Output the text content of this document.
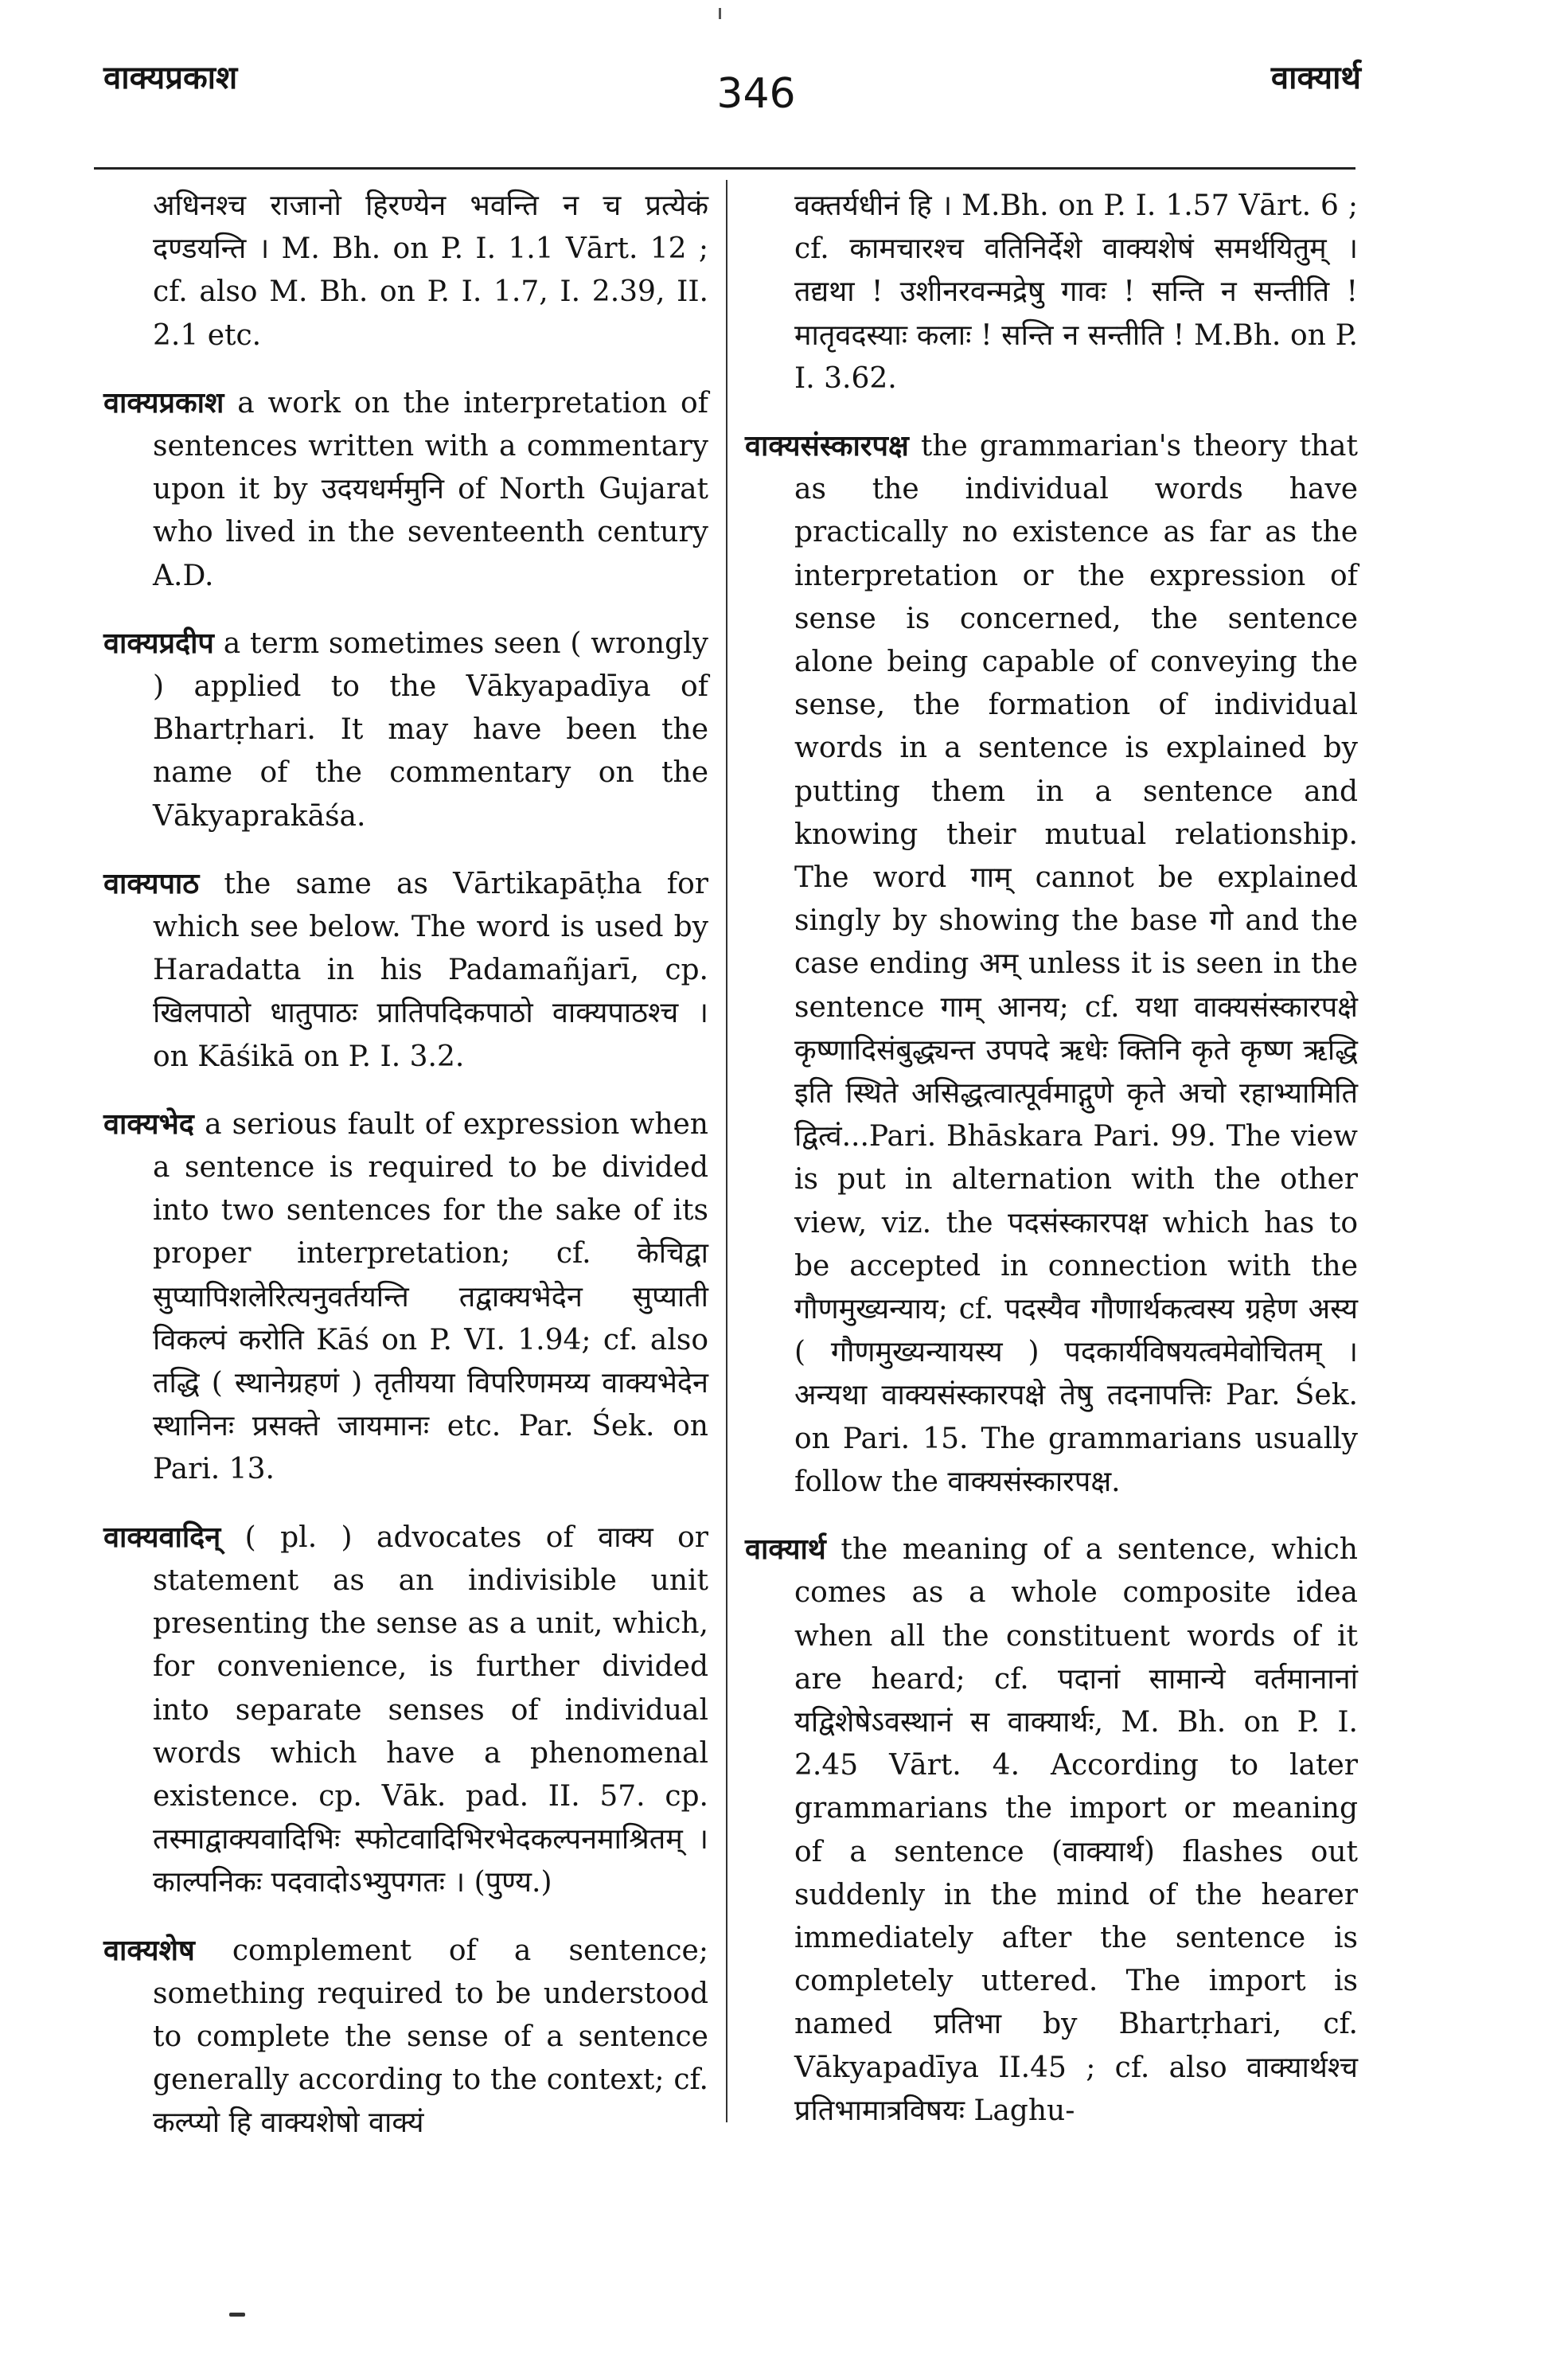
वाक्यप्रकाश	346	वाक्यार्थ

अधिनश्च राजानो हिरण्येन भवन्ति न च प्रत्येकं दण्डयन्ति । M. Bh. on P. I. 1.1 Vārt. 12 ; cf. also M. Bh. on P. I. 1.7, I. 2.39, II. 2.1 etc.

वाक्यप्रकाश a work on the interpretation of sentences written with a commentary upon it by उदयधर्ममुनि of North Gujarat who lived in the seventeenth century A.D.

वाक्यप्रदीप a term sometimes seen ( wrongly ) applied to the Vākyapadīya of Bhartṛhari. It may have been the name of the commentary on the Vākyaprakāśa.

वाक्यपाठ the same as Vārtikapāṭha for which see below. The word is used by Haradatta in his Padamañjarī, cp. खिलपाठो धातुपाठः प्रातिपदिकपाठो वाक्यपाठश्च । on Kāśikā on P. I. 3.2.

वाक्यभेद a serious fault of expression when a sentence is required to be divided into two sentences for the sake of its proper interpretation; cf. केचिद्वा सुप्यापिशलेरित्यनुवर्तयन्ति तद्वाक्यभेदेन सुप्याती विकल्पं करोति Kāś on P. VI. 1.94; cf. also तद्धि ( स्थानेग्रहणं ) तृतीयया विपरिणमय्य वाक्यभेदेन स्थानिनः प्रसक्ते जायमानः etc. Par. Śek. on Pari. 13.

वाक्यवादिन् ( pl. ) advocates of वाक्य or statement as an indivisible unit presenting the sense as a unit, which, for convenience, is further divided into separate senses of individual words which have a phenomenal existence. cp. Vāk. pad. II. 57. cp. तस्माद्वाक्यवादिभिः स्फोटवादिभिरभेदकल्पनमाश्रितम् । काल्पनिकः पदवादोऽभ्युपगतः । (पुण्य.)

वाक्यशेष complement of a sentence; something required to be understood to complete the sense of a sentence generally according to the context; cf. कल्प्यो हि वाक्यशेषो वाक्यं

वक्तर्यधीनं हि । M.Bh. on P. I. 1.57 Vārt. 6 ; cf. कामचारश्च वतिनिर्देशे वाक्यशेषं समर्थयितुम् । तद्यथा ! उशीनरवन्मद्रेषु गावः ! सन्ति न सन्तीति ! मातृवदस्याः कलाः ! सन्ति न सन्तीति ! M.Bh. on P. I. 3.62.

वाक्यसंस्कारपक्ष the grammarian's theory that as the individual words have practically no existence as far as the interpretation or the expression of sense is concerned, the sentence alone being capable of conveying the sense, the formation of individual words in a sentence is explained by putting them in a sentence and knowing their mutual relationship. The word गाम् cannot be explained singly by showing the base गो and the case ending अम् unless it is seen in the sentence गाम् आनय; cf. यथा वाक्यसंस्कारपक्षे कृष्णादिसंबुद्ध्यन्त उपपदे ऋधेः क्तिनि कृते कृष्ण ऋद्धि इति स्थिते असिद्धत्वात्पूर्वमाद्गुणे कृते अचो रहाभ्यामिति द्वित्वं...Pari. Bhāskara Pari. 99. The view is put in alternation with the other view, viz. the पदसंस्कारपक्ष which has to be accepted in connection with the गौणमुख्यन्याय; cf. पदस्यैव गौणार्थकत्वस्य ग्रहेण अस्य ( गौणमुख्यन्यायस्य ) पदकार्यविषयत्वमेवोचितम् । अन्यथा वाक्यसंस्कारपक्षे तेषु तदनापत्तिः Par. Śek. on Pari. 15. The grammarians usually follow the वाक्यसंस्कारपक्ष.

वाक्यार्थ the meaning of a sentence, which comes as a whole composite idea when all the constituent words of it are heard; cf. पदानां सामान्ये वर्तमानानां यद्विशेषेऽवस्थानं स वाक्यार्थः, M. Bh. on P. I. 2.45 Vārt. 4. According to later grammarians the import or meaning of a sentence (वाक्यार्थ) flashes out suddenly in the mind of the hearer immediately after the sentence is completely uttered. The import is named प्रतिभा by Bhartṛhari, cf. Vākyapadīya II.45 ; cf. also वाक्यार्थश्च प्रतिभामात्रविषयः Laghu-
